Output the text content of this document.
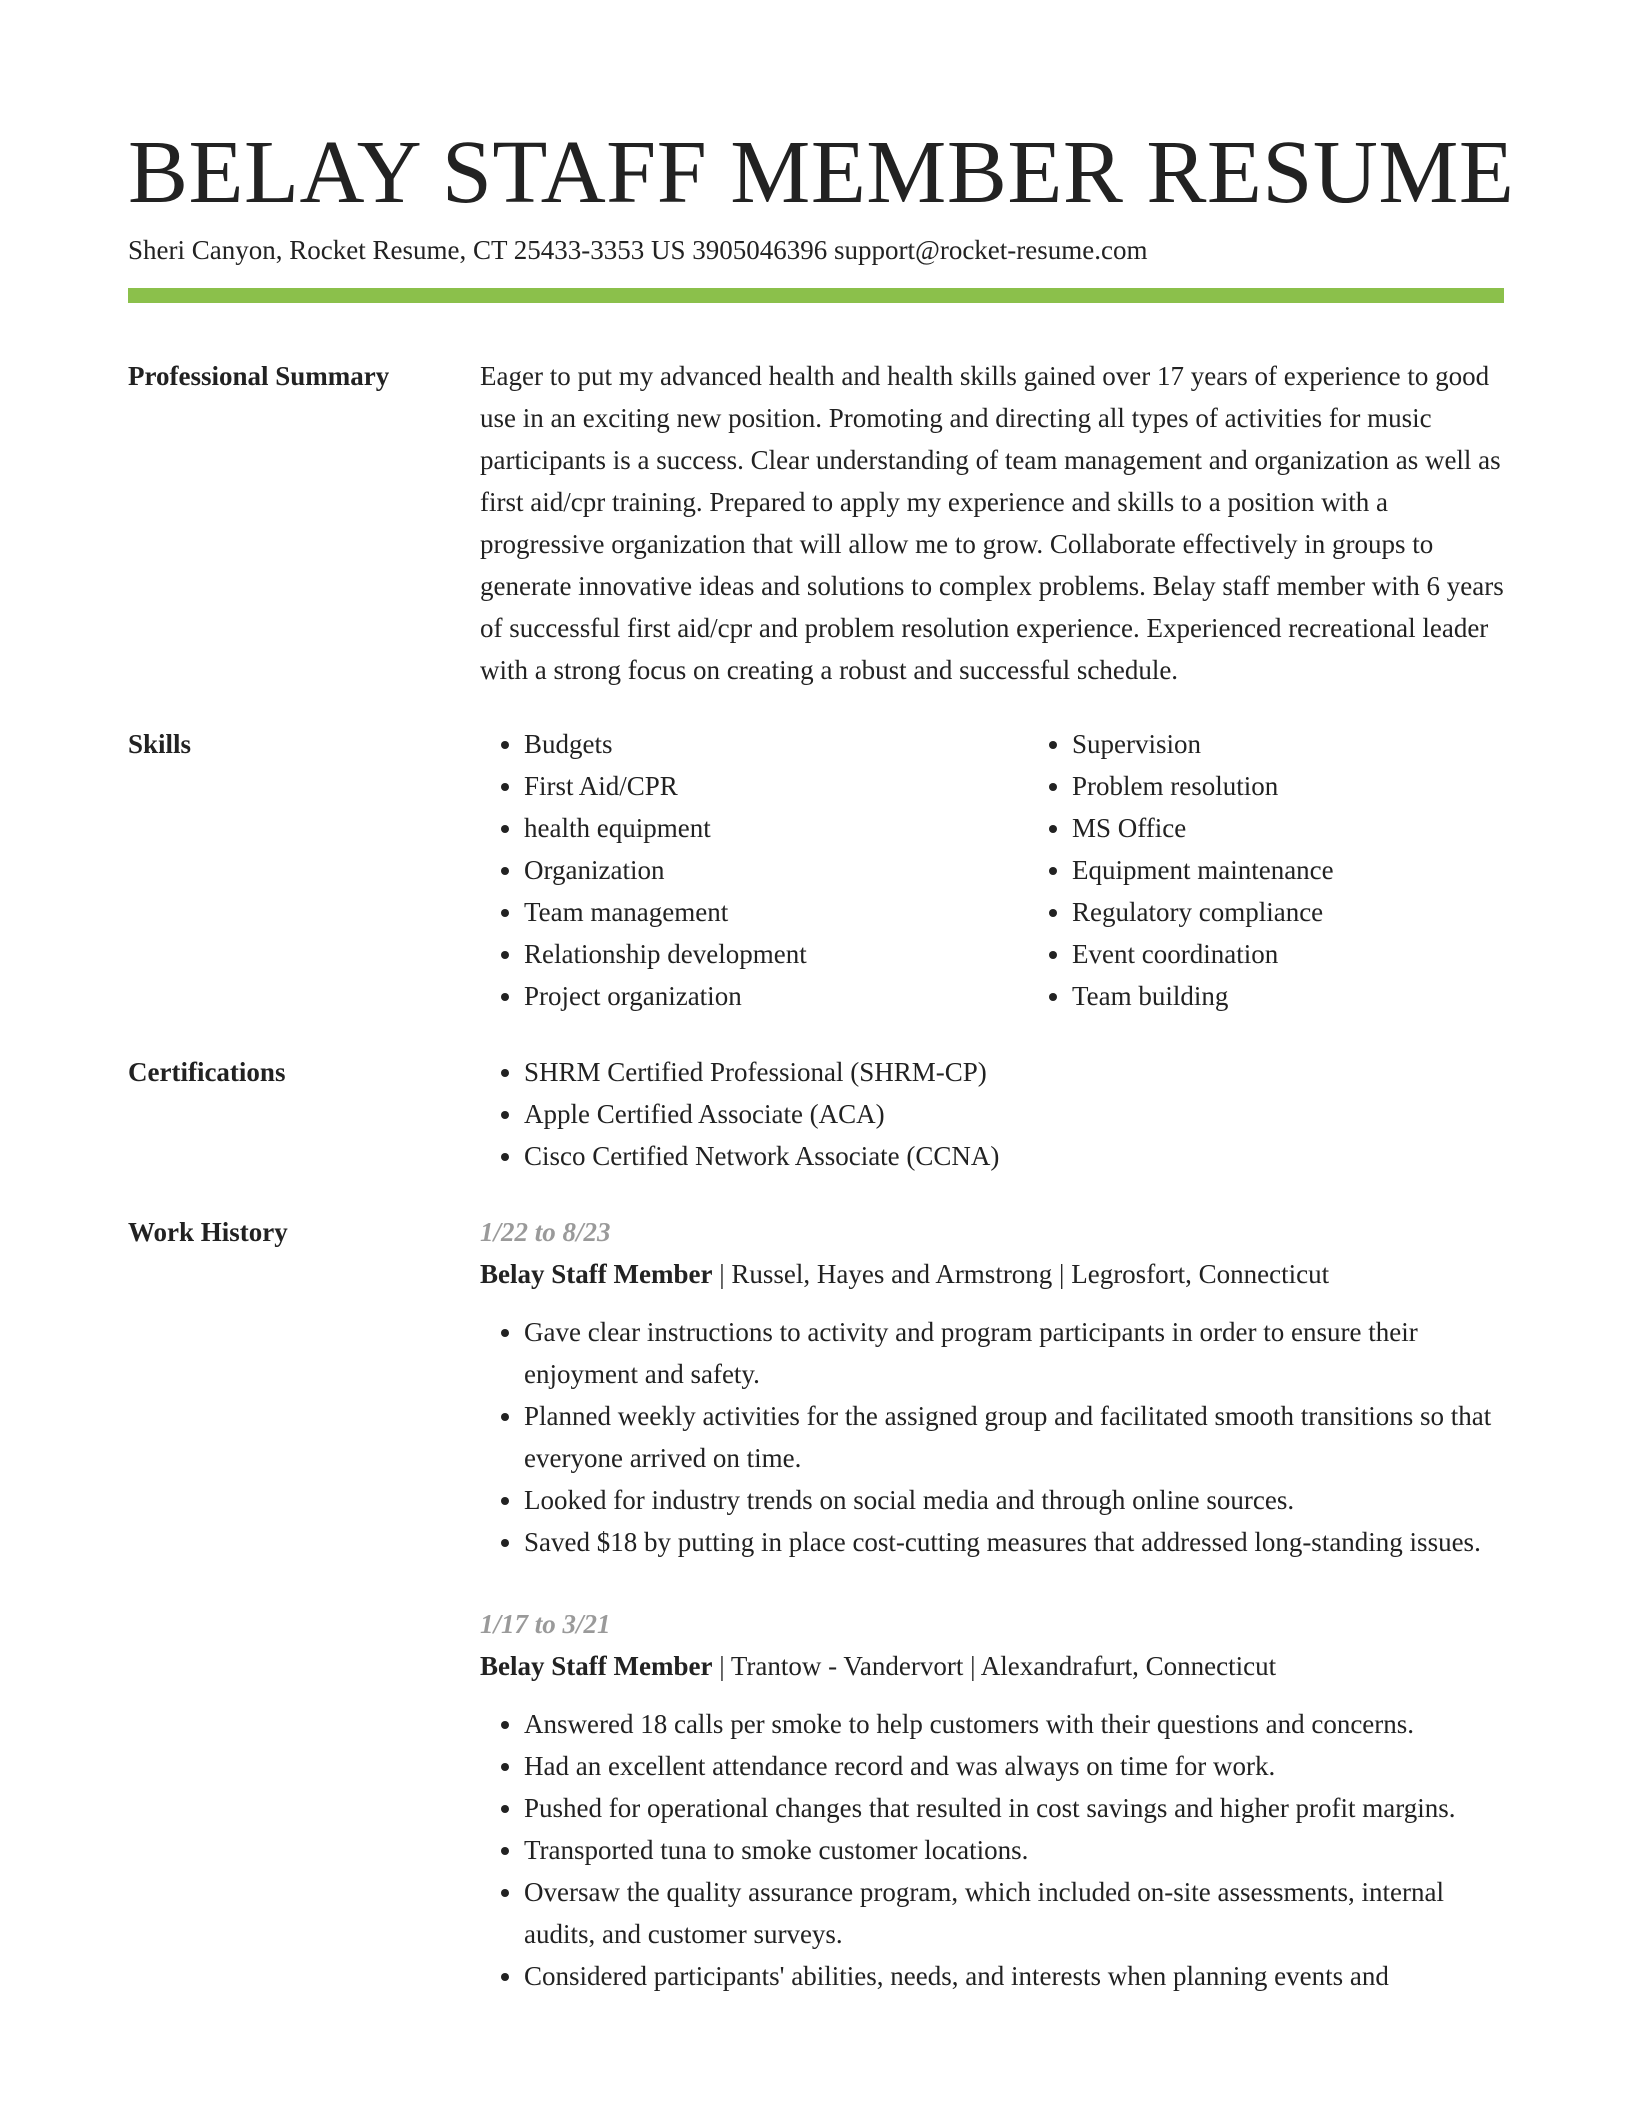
BELAY STAFF MEMBER RESUME
Sheri Canyon, Rocket Resume, CT 25433-3353 US 3905046396 support@rocket-resume.com
Professional Summary	Eager to put my advanced health and health skills gained over 17 years of experience to good use in an exciting new position. Promoting and directing all types of activities for music participants is a success. Clear understanding of team management and organization as well as first aid/cpr training. Prepared to apply my experience and skills to a position with a progressive organization that will allow me to grow. Collaborate effectively in groups to generate innovative ideas and solutions to complex problems. Belay staff member with 6 years of successful first aid/cpr and problem resolution experience. Experienced recreational leader with a strong focus on creating a robust and successful schedule.

Skills	• Budgets
• First Aid/CPR
• health equipment
• Organization
• Team management
• Relationship development
• Project organization
• Supervision
• Problem resolution
• MS Office
• Equipment maintenance
• Regulatory compliance
• Event coordination
• Team building
Certifications	• SHRM Certified Professional (SHRM-CP)
• Apple Certified Associate (ACA)
• Cisco Certified Network Associate (CCNA)
Work History	1/22 to 8/23
Belay Staff Member | Russel, Hayes and Armstrong | Legrosfort, Connecticut
• Gave clear instructions to activity and program participants in order to ensure their enjoyment and safety.
• Planned weekly activities for the assigned group and facilitated smooth transitions so that everyone arrived on time.
• Looked for industry trends on social media and through online sources.
• Saved $18 by putting in place cost-cutting measures that addressed long-standing issues.
1/17 to 3/21
Belay Staff Member | Trantow - Vandervort | Alexandrafurt, Connecticut
• Answered 18 calls per smoke to help customers with their questions and concerns.
• Had an excellent attendance record and was always on time for work.
• Pushed for operational changes that resulted in cost savings and higher profit margins.
• Transported tuna to smoke customer locations.
• Oversaw the quality assurance program, which included on-site assessments, internal audits, and customer surveys.
• Considered participants' abilities, needs, and interests when planning events and
